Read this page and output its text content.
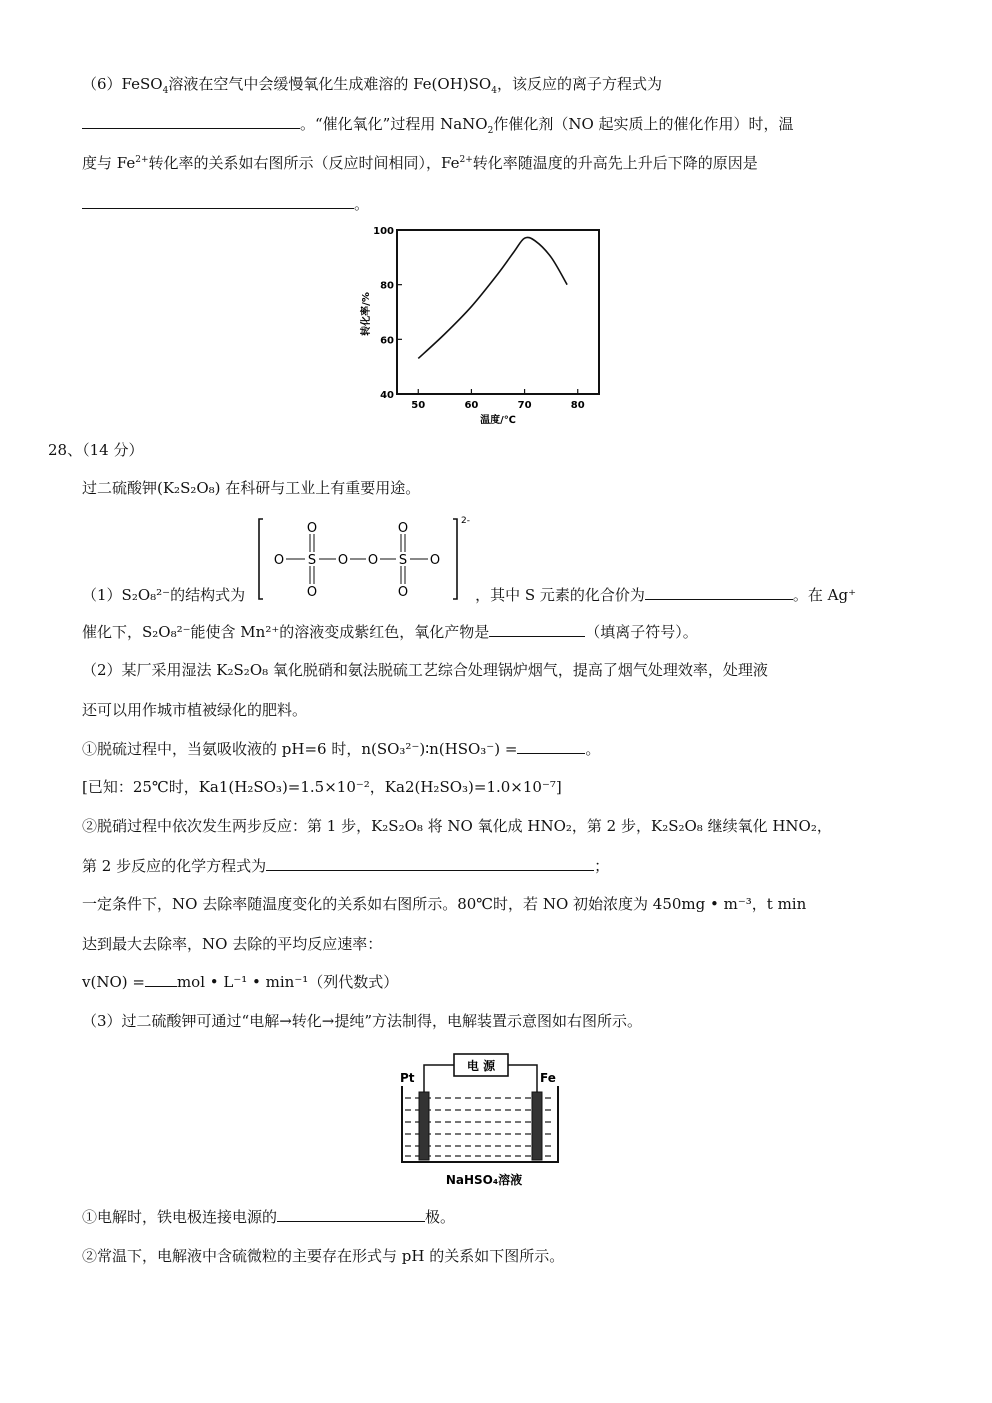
（6）FeSO$_4$溶液在空气中会缓慢氧化生成难溶的 $Fe(OH)SO_4$，该反应的离子方程式为
。“催化氧化”过程用 NaNO$_2$作催化剂（NO 起实质上的催化作用）时，温
度与 $Fe^{2+}$转化率的关系如右图所示（反应时间相同），$Fe^{2+}$转化率随温度的升高先上升后下降的原因是
。
40
60
80
100
50	60	70	80
转化率/%
温度/℃
28、（14 分）
过二硫酸钾(K₂S₂O₈) 在科研与工业上有重要用途。
2-
O S O O S O
O
O
O
O
（1）S₂O₈²⁻的结构式为	，其中 S 元素的化合价为	。在 Ag⁺
催化下，S₂O₈²⁻能使含 Mn²⁺的溶液变成紫红色，氧化产物是	（填离子符号）。
（2）某厂采用湿法 K₂S₂O₈ 氧化脱硝和氨法脱硫工艺综合处理锅炉烟气，提高了烟气处理效率，处理液
还可以用作城市植被绿化的肥料。
①脱硫过程中，当氨吸收液的 pH=6 时，n(SO₃²⁻)∶n(HSO₃⁻) =	。
[已知：25℃时，Ka1(H₂SO₃)=1.5×10⁻²，Ka2(H₂SO₃)=1.0×10⁻⁷]
②脱硝过程中依次发生两步反应：第 1 步，K₂S₂O₈ 将 NO 氧化成 HNO₂，第 2 步，K₂S₂O₈ 继续氧化 HNO₂，
第 2 步反应的化学方程式为	；
一定条件下，NO 去除率随温度变化的关系如右图所示。80℃时，若 NO 初始浓度为 450mg • m⁻³，t min
达到最大去除率，NO 去除的平均反应速率：
v(NO) = mol • L⁻¹ • min⁻¹（列代数式）
（3）过二硫酸钾可通过“电解→转化→提纯”方法制得，电解装置示意图如右图所示。
电 源
Pt	Fe
NaHSO₄溶液
①电解时，铁电极连接电源的	极。
②常温下，电解液中含硫微粒的主要存在形式与 pH 的关系如下图所示。
